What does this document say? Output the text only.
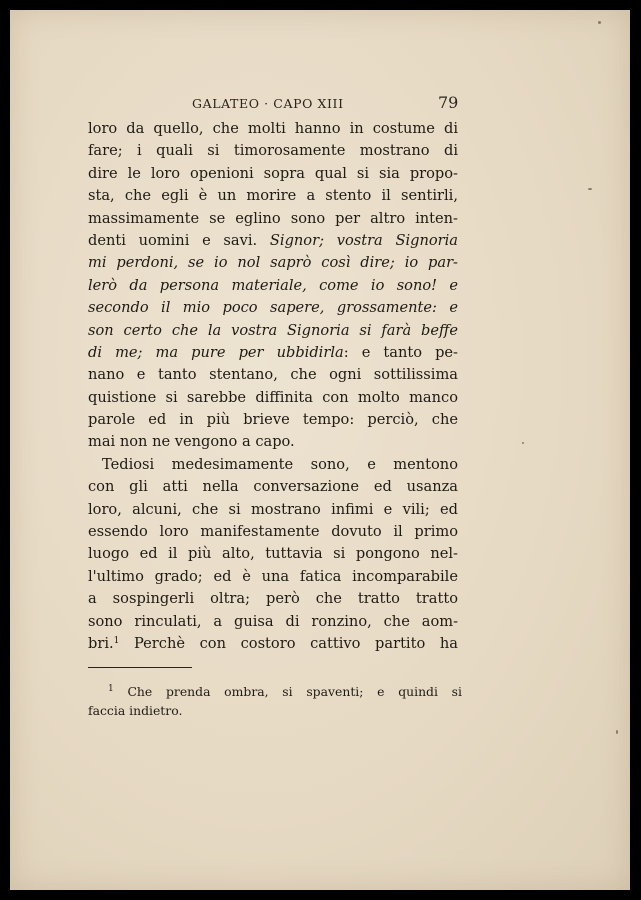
GALATEO · CAPO XIII	79
loro da quello, che molti hanno in costume di
fare; i quali si timorosamente mostrano di
dire le loro openioni sopra qual si sia propo-
sta, che egli è un morire a stento il sentirli,
massimamente se eglino sono per altro inten-
denti uomini e savi. Signor; vostra Signoria
mi perdoni, se io nol saprò così dire; io par-
lerò da persona materiale, come io sono! e
secondo il mio poco sapere, grossamente: e
son certo che la vostra Signoria si farà beffe
di me; ma pure per ubbidirla: e tanto pe-
nano e tanto stentano, che ogni sottilissima
quistione si sarebbe diffinita con molto manco
parole ed in più brieve tempo: perciò, che
mai non ne vengono a capo.
Tediosi medesimamente sono, e mentono
con gli atti nella conversazione ed usanza
loro, alcuni, che si mostrano infimi e vili; ed
essendo loro manifestamente dovuto il primo
luogo ed il più alto, tuttavia si pongono nel-
l'ultimo grado; ed è una fatica incomparabile
a sospingerli oltra; però che tratto tratto
sono rinculati, a guisa di ronzino, che aom-
bri.$^1$ Perchè con costoro cattivo partito ha
$^1$ Che prenda ombra, si spaventi; e quindi si
faccia indietro.
